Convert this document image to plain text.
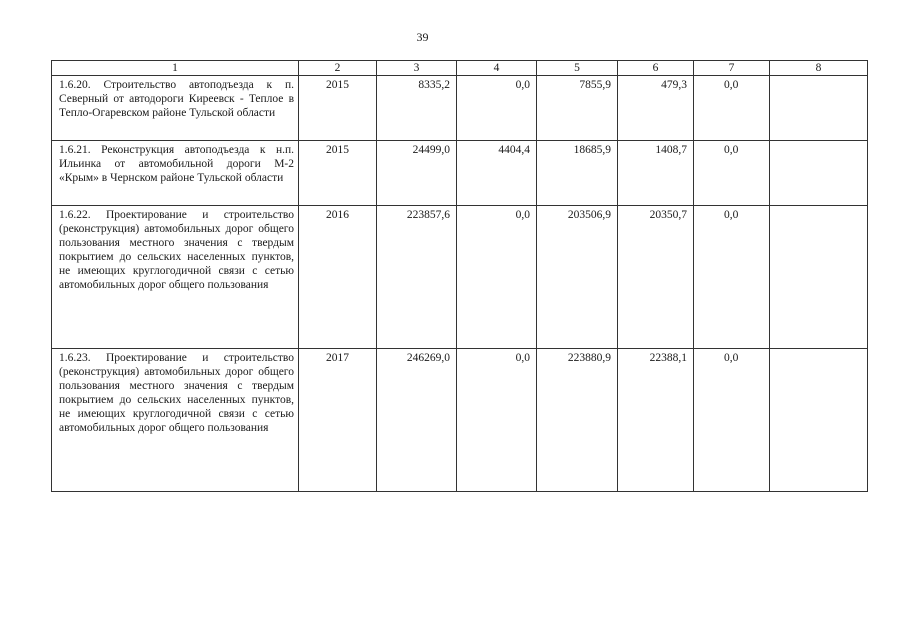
39
1	2	3	4	5	6	7	8
1.6.20. Строительство автоподъезда к п. Северный от автодороги Киреевск - Теплое в Тепло-Огаревском районе Тульской области	2015	8335,2	0,0	7855,9	479,3	0,0	
1.6.21. Реконструкция автоподъезда к н.п. Ильинка от автомобильной дороги М-2 «Крым» в Чернском районе Тульской области	2015	24499,0	4404,4	18685,9	1408,7	0,0	
1.6.22. Проектирование и строительство (реконструкция) автомобильных дорог общего пользования местного значения с твердым покрытием до сельских населенных пунктов, не имеющих круглогодичной связи с сетью автомобильных дорог общего пользования	2016	223857,6	0,0	203506,9	20350,7	0,0	
1.6.23. Проектирование и строительство (реконструкция) автомобильных дорог общего пользования местного значения с твердым покрытием до сельских населенных пунктов, не имеющих круглогодичной связи с сетью автомобильных дорог общего пользования	2017	246269,0	0,0	223880,9	22388,1	0,0	
